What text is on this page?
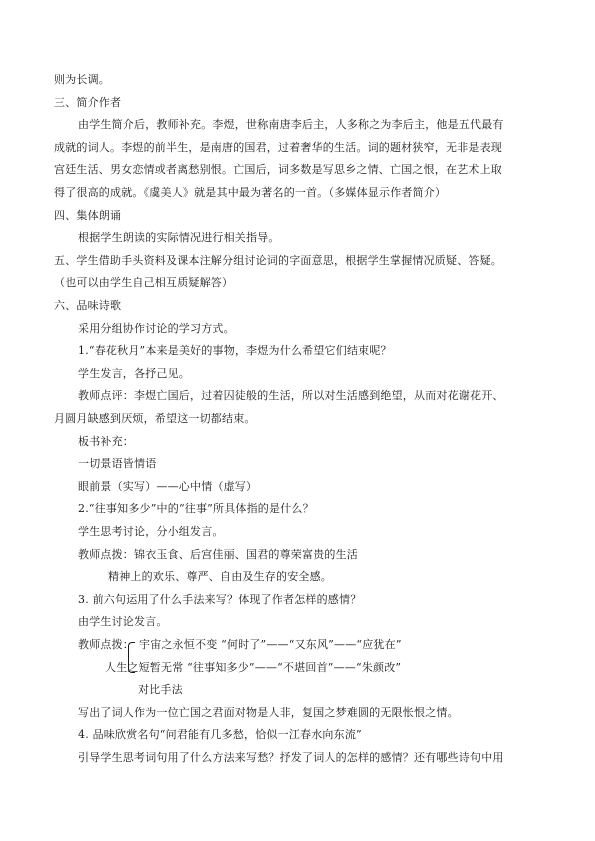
则为长调。
三、简介作者
由学生简介后，教师补充。李煜，世称南唐李后主，人多称之为李后主，他是五代最有
成就的词人。李煜的前半生，是南唐的国君，过着奢华的生活。词的题材狭窄，无非是表现
宫廷生活、男女恋情或者离愁别恨。亡国后，词多数是写思乡之情、亡国之恨，在艺术上取
得了很高的成就。《虞美人》就是其中最为著名的一首。（多媒体显示作者简介）
四、集体朗诵
根据学生朗读的实际情况进行相关指导。
五、学生借助手头资料及课本注解分组讨论词的字面意思，根据学生掌握情况质疑、答疑。
（也可以由学生自己相互质疑解答）
六、品味诗歌
采用分组协作讨论的学习方式。
1.“春花秋月”本来是美好的事物，李煜为什么希望它们结束呢？
学生发言，各抒己见。
教师点评：李煜亡国后，过着囚徒般的生活，所以对生活感到绝望，从而对花谢花开、
月圆月缺感到厌烦，希望这一切都结束。
板书补充：
一切景语皆情语
眼前景（实写）——心中情（虚写）
2.“往事知多少”中的“往事”所具体指的是什么？
学生思考讨论，分小组发言。
教师点拨：锦衣玉食、后宫佳丽、国君的尊荣富贵的生活
精神上的欢乐、尊严、自由及生存的安全感。
3. 前六句运用了什么手法来写？体现了作者怎样的感情？
由学生讨论发言。
教师点拨： 宇宙之永恒不变 “何时了”——“又东风”——“应犹在”
人生之短暂无常 “往事知多少”——“不堪回首”——“朱颜改”
对比手法
写出了词人作为一位亡国之君面对物是人非，复国之梦难圆的无限怅恨之情。
4. 品味欣赏名句“问君能有几多愁，恰似一江春水向东流”
引导学生思考词句用了什么方法来写愁？抒发了词人的怎样的感情？还有哪些诗句中用
